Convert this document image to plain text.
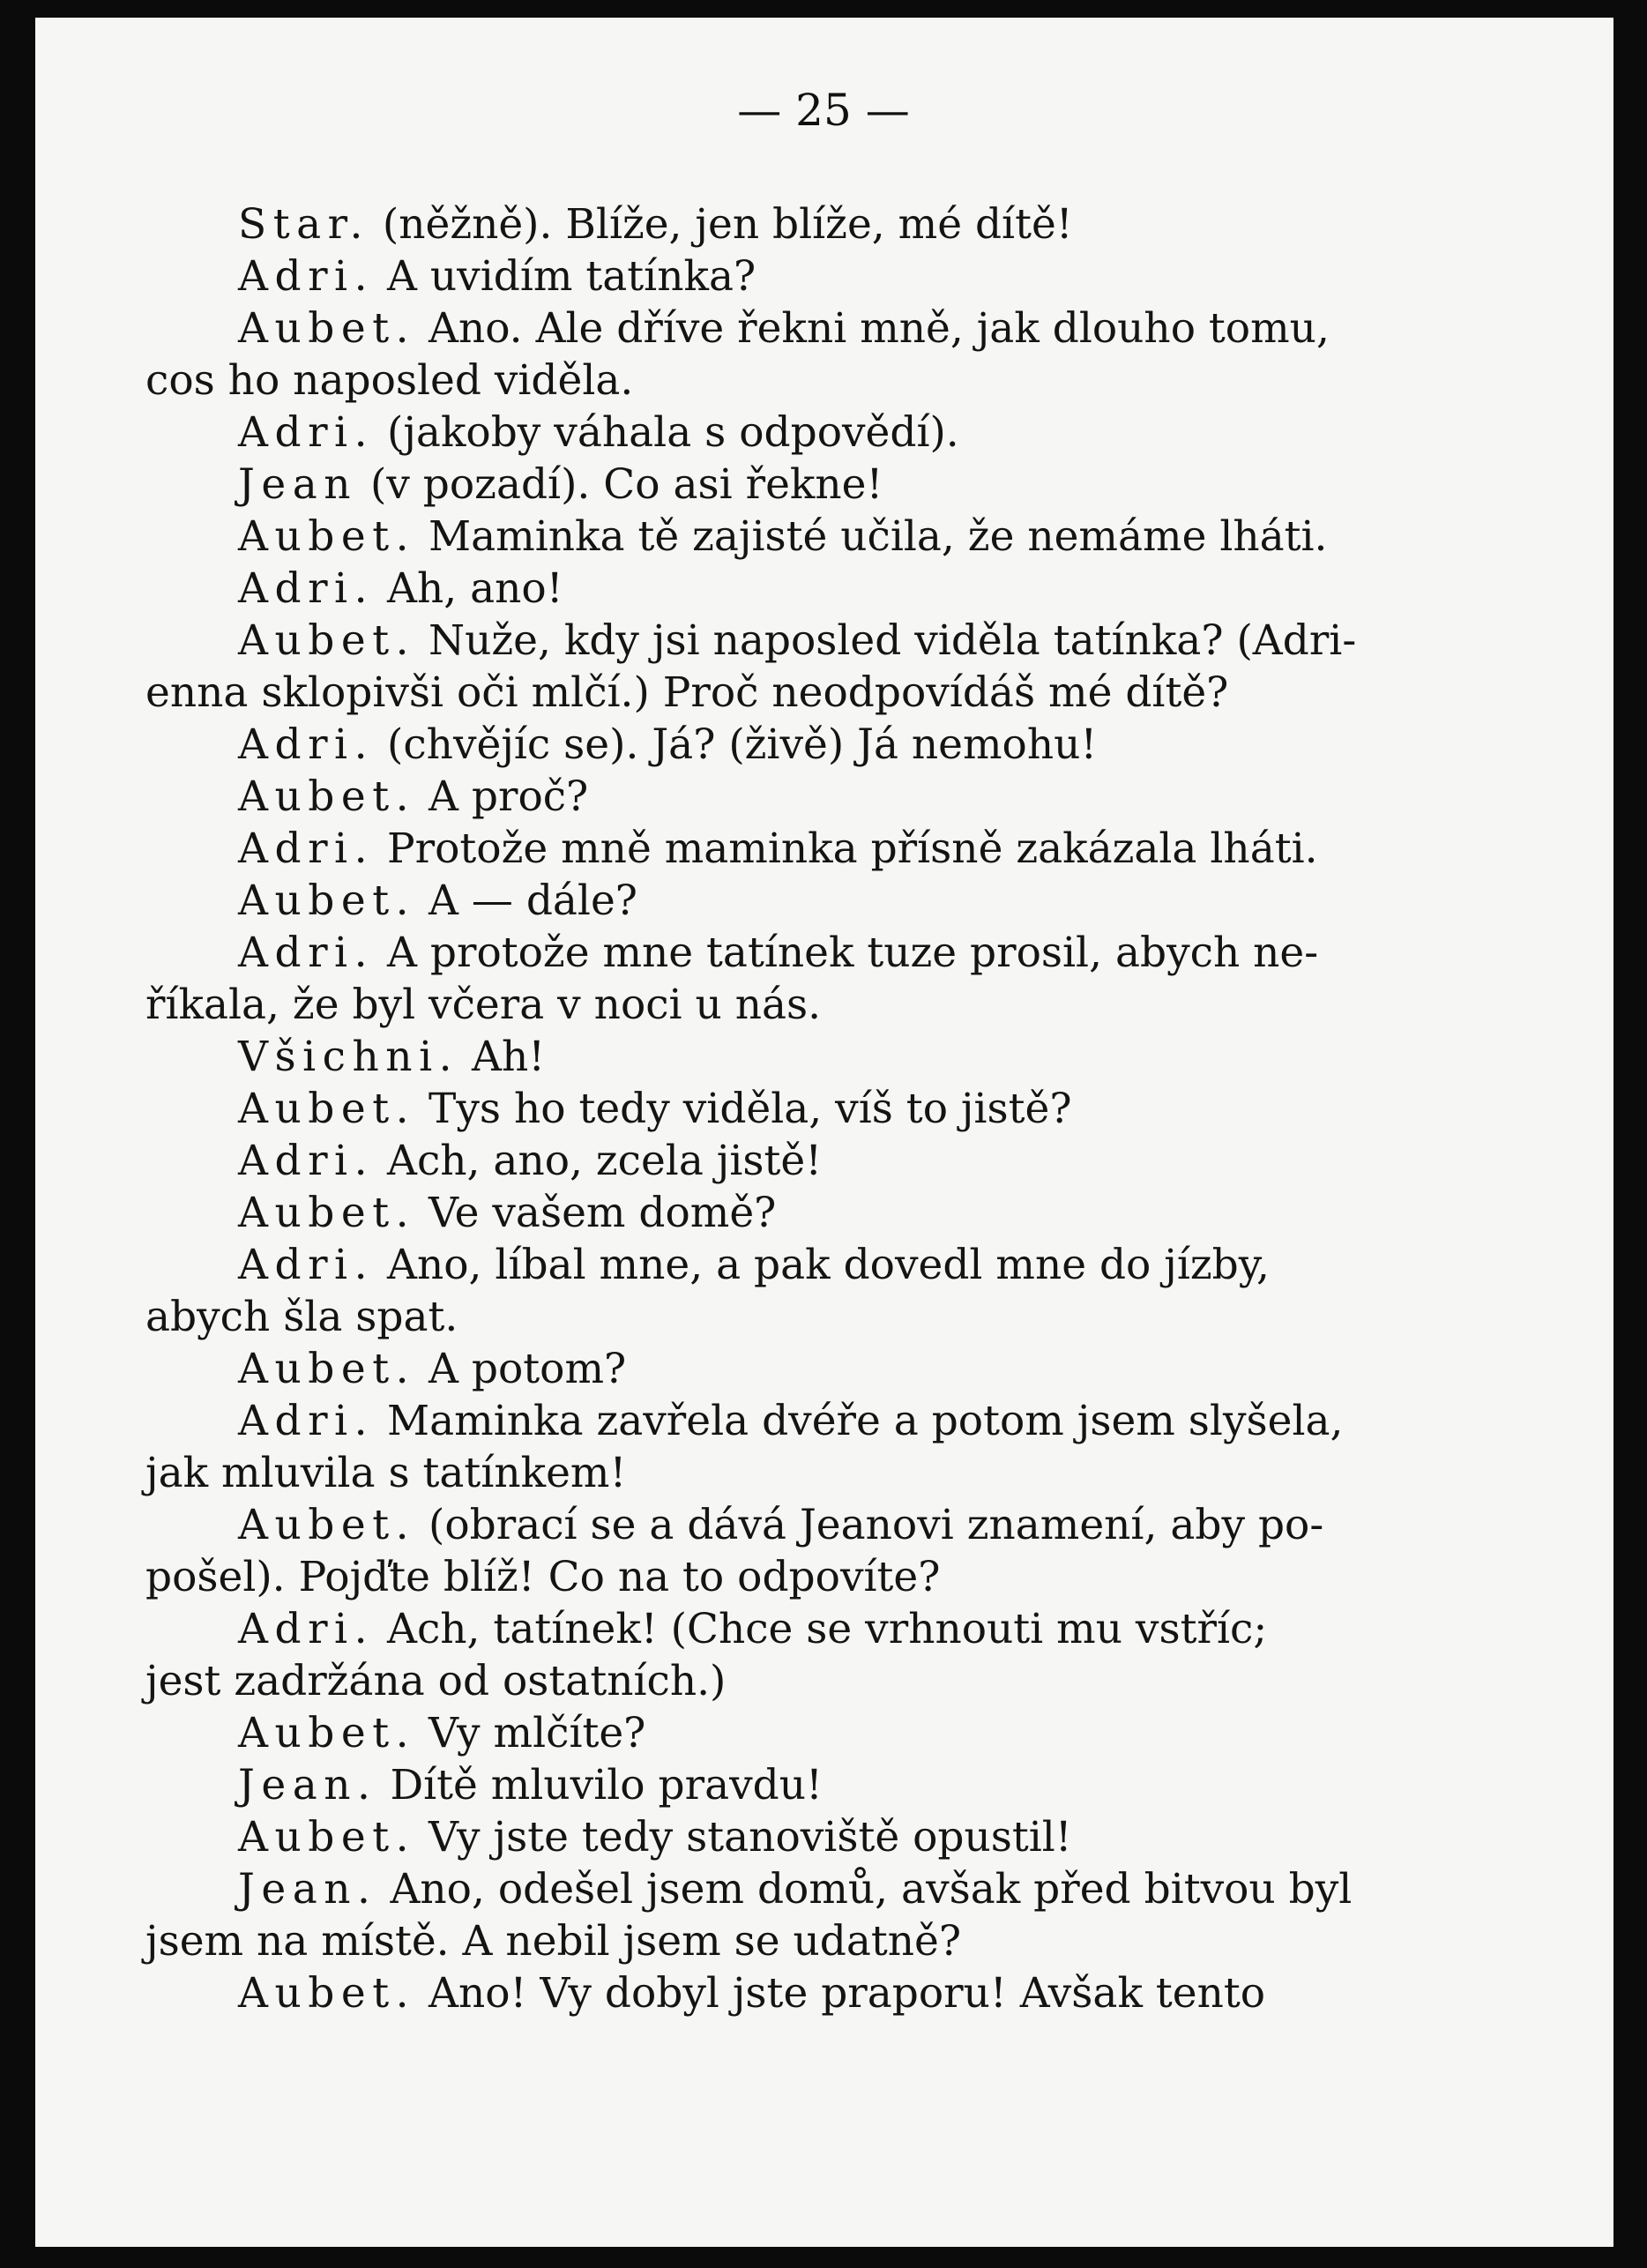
— 25 —
Star. (něžně). Blíže, jen blíže, mé dítě!
Adri. A uvidím tatínka?
Aubet. Ano. Ale dříve řekni mně, jak dlouho tomu,
cos ho naposled viděla.
Adri. (jakoby váhala s odpovědí).
Jean (v pozadí). Co asi řekne!
Aubet. Maminka tě zajisté učila, že nemáme lháti.
Adri. Ah, ano!
Aubet. Nuže, kdy jsi naposled viděla tatínka? (Adri-
enna sklopivši oči mlčí.) Proč neodpovídáš mé dítě?
Adri. (chvějíc se). Já? (živě) Já nemohu!
Aubet. A proč?
Adri. Protože mně maminka přísně zakázala lháti.
Aubet. A — dále?
Adri. A protože mne tatínek tuze prosil, abych ne-
říkala, že byl včera v noci u nás.
Všichni. Ah!
Aubet. Tys ho tedy viděla, víš to jistě?
Adri. Ach, ano, zcela jistě!
Aubet. Ve vašem domě?
Adri. Ano, líbal mne, a pak dovedl mne do jízby,
abych šla spat.
Aubet. A potom?
Adri. Maminka zavřela dvéře a potom jsem slyšela,
jak mluvila s tatínkem!
Aubet. (obrací se a dává Jeanovi znamení, aby po-
pošel). Pojďte blíž! Co na to odpovíte?
Adri. Ach, tatínek! (Chce se vrhnouti mu vstříc;
jest zadržána od ostatních.)
Aubet. Vy mlčíte?
Jean. Dítě mluvilo pravdu!
Aubet. Vy jste tedy stanoviště opustil!
Jean. Ano, odešel jsem domů, avšak před bitvou byl
jsem na místě. A nebil jsem se udatně?
Aubet. Ano! Vy dobyl jste praporu! Avšak tento
